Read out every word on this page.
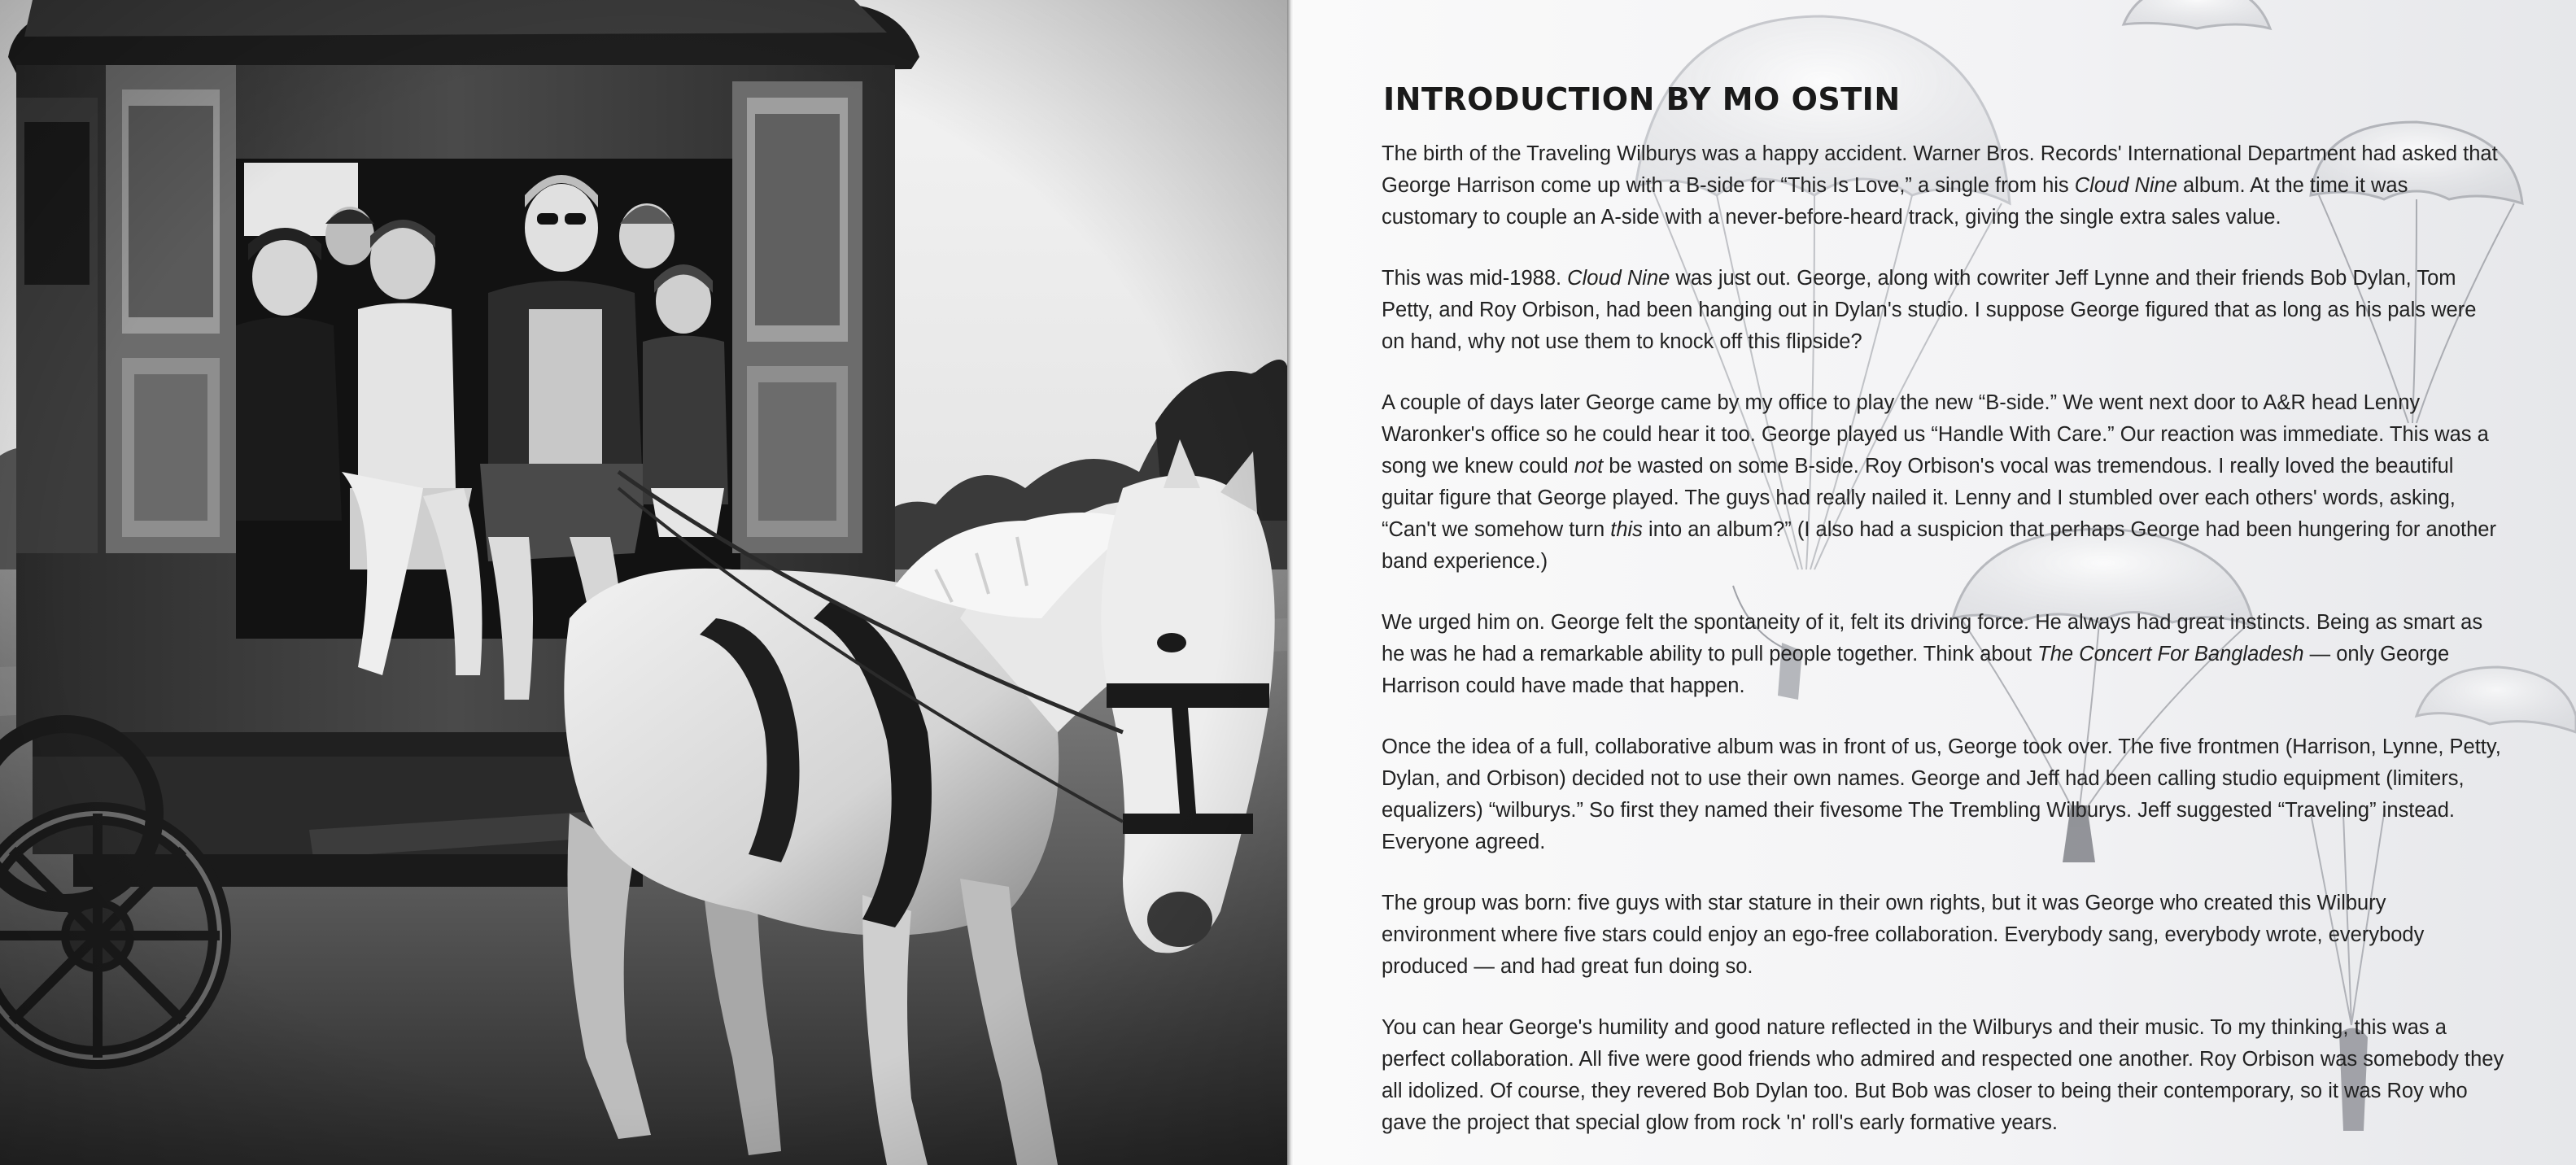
INTRODUCTION BY MO OSTIN

The birth of the Traveling Wilburys was a happy accident. Warner Bros. Records' International Department had asked that George Harrison come up with a B-side for “This Is Love,” a single from his Cloud Nine album. At the time it was customary to couple an A-side with a never-before-heard track, giving the single extra sales value.

This was mid-1988. Cloud Nine was just out. George, along with cowriter Jeff Lynne and their friends Bob Dylan, Tom Petty, and Roy Orbison, had been hanging out in Dylan's studio. I suppose George figured that as long as his pals were on hand, why not use them to knock off this flipside?

A couple of days later George came by my office to play the new “B-side.” We went next door to A&R head Lenny Waronker's office so he could hear it too. George played us “Handle With Care.” Our reaction was immediate. This was a song we knew could not be wasted on some B-side. Roy Orbison's vocal was tremendous. I really loved the beautiful guitar figure that George played. The guys had really nailed it. Lenny and I stumbled over each others' words, asking, “Can't we somehow turn this into an album?” (I also had a suspicion that perhaps George had been hungering for another band experience.)

We urged him on. George felt the spontaneity of it, felt its driving force. He always had great instincts. Being as smart as he was he had a remarkable ability to pull people together. Think about The Concert For Bangladesh — only George Harrison could have made that happen.

Once the idea of a full, collaborative album was in front of us, George took over. The five frontmen (Harrison, Lynne, Petty, Dylan, and Orbison) decided not to use their own names. George and Jeff had been calling studio equipment (limiters, equalizers) “wilburys.” So first they named their fivesome The Trembling Wilburys. Jeff suggested “Traveling” instead. Everyone agreed.

The group was born: five guys with star stature in their own rights, but it was George who created this Wilbury environment where five stars could enjoy an ego-free collaboration. Everybody sang, everybody wrote, everybody produced — and had great fun doing so.

You can hear George's humility and good nature reflected in the Wilburys and their music. To my thinking, this was a perfect collaboration. All five were good friends who admired and respected one another. Roy Orbison was somebody they all idolized. Of course, they revered Bob Dylan too. But Bob was closer to being their contemporary, so it was Roy who gave the project that special glow from rock 'n' roll's early formative years.
